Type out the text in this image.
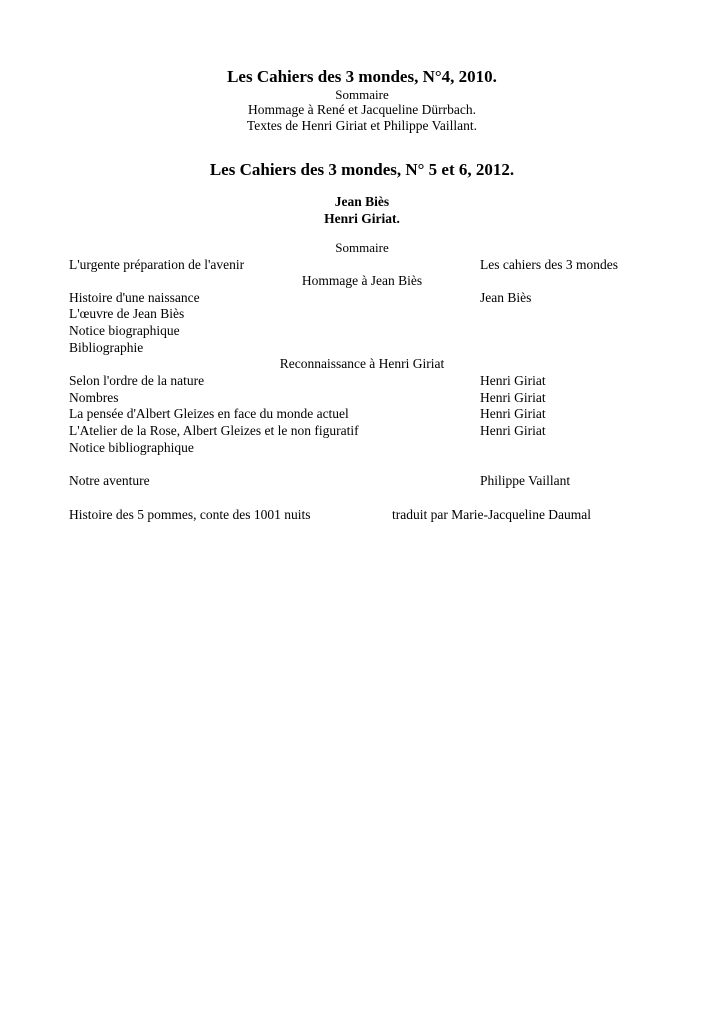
Les Cahiers des 3 mondes, N°4, 2010.
Sommaire
Hommage à René et Jacqueline Dürrbach.
Textes de Henri Giriat et Philippe Vaillant.
Les Cahiers des 3 mondes, N° 5 et 6, 2012.
Jean Biès
Henri Giriat.
Sommaire
L'urgente préparation de l'avenir	Les cahiers des 3 mondes
Hommage à Jean Biès
Histoire d'une naissance	Jean Biès
L'œuvre de Jean Biès
Notice biographique
Bibliographie
Reconnaissance à Henri Giriat
Selon l'ordre de la nature	Henri Giriat
Nombres	Henri Giriat
La pensée d'Albert Gleizes en face du monde actuel	Henri Giriat
L'Atelier de la Rose, Albert Gleizes et le non figuratif	Henri Giriat
Notice bibliographique
Notre aventure	Philippe Vaillant
Histoire des 5 pommes, conte des 1001 nuits	traduit par Marie-Jacqueline Daumal
